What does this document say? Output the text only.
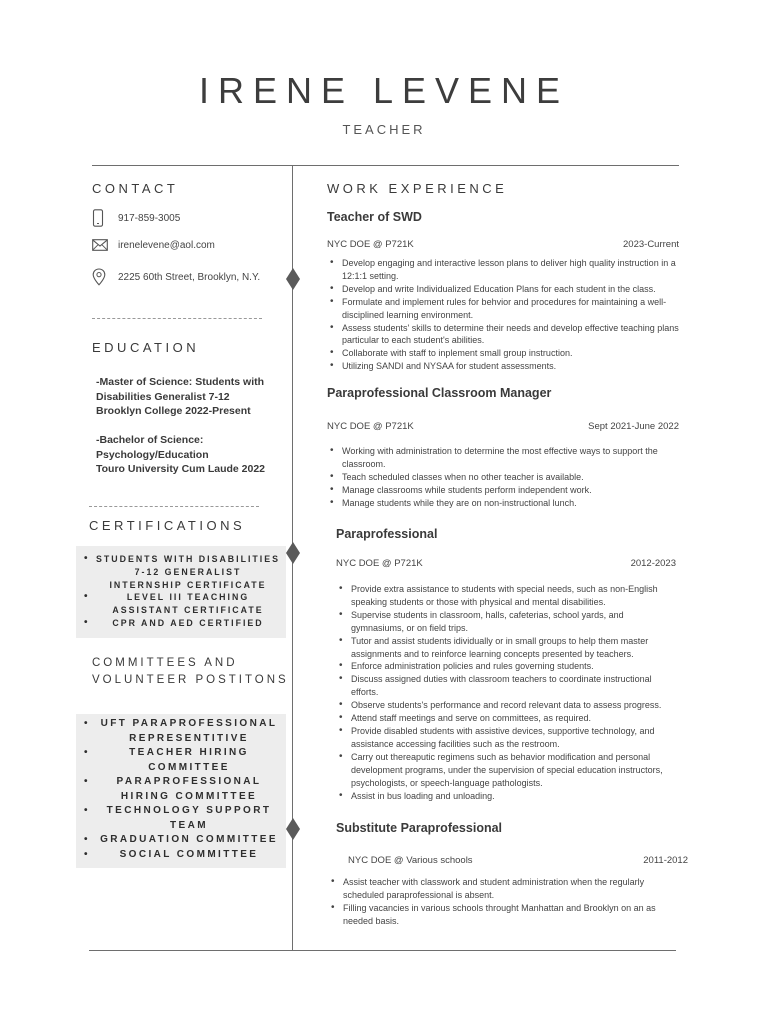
IRENE LEVENE
TEACHER
CONTACT
917-859-3005
irenelevene@aol.com
2225 60th Street, Brooklyn, N.Y.
EDUCATION
-Master of Science: Students with
Disabilities Generalist 7-12
Brooklyn College 2022-Present
-Bachelor of Science:
Psychology/Education
Touro University Cum Laude 2022
CERTIFICATIONS
• STUDENTS WITH DISABILITIES 7-12 GENERALIST INTERNSHIP CERTIFICATE
• LEVEL III TEACHING ASSISTANT CERTIFICATE
• CPR AND AED CERTIFIED
COMMITTEES AND
VOLUNTEER POSTITONS
• UFT PARAPROFESSIONAL REPRESENTITIVE
• TEACHER HIRING COMMITTEE
• PARAPROFESSIONAL HIRING COMMITTEE
• TECHNOLOGY SUPPORT TEAM
• GRADUATION COMMITTEE
• SOCIAL COMMITTEE
WORK EXPERIENCE
Teacher of SWD
NYC DOE @ P721K	2023-Current
• Develop engaging and interactive lesson plans to deliver high quality instruction in a 12:1:1 setting.
• Develop and write Individualized Education Plans for each student in the class.
• Formulate and implement rules for behvior and procedures for maintaining a well-disciplined learning environment.
• Assess students' skills to determine their needs and develop effective teaching plans particular to each student's abilities.
• Collaborate with staff to inplement small group instruction.
• Utilizing SANDI and NYSAA for student assessments.
Paraprofessional Classroom Manager
NYC DOE @ P721K	Sept 2021-June 2022
• Working with administration to determine the most effective ways to support the classroom.
• Teach scheduled classes when no other teacher is available.
• Manage classrooms while students perform independent work.
• Manage students while they are on non-instructional lunch.
Paraprofessional
NYC DOE @ P721K	2012-2023
• Provide extra assistance to students with special needs, such as non-English speaking students or those with physical and mental disabilities.
• Supervise students in classroom, halls, cafeterias, school yards, and gymnasiums, or on field trips.
• Tutor and assist students idividually or in small groups to help them master assignments and to reinforce learning concepts presented by teachers.
• Enforce administration policies and rules governing students.
• Discuss assigned duties with classroom teachers to coordinate instructional efforts.
• Observe students's performance and record relevant data to assess progress.
• Attend staff meetings and serve on committees, as required.
• Provide disabled students with assistive devices, supportive technology, and assistance accessing facilities such as the restroom.
• Carry out thereaputic regimens such as behavior modification and personal development programs, under the supervision of special education instructors, psychologists, or speech-language pathologists.
• Assist in bus loading and unloading.
Substitute Paraprofessional
NYC DOE @ Various schools	2011-2012
• Assist teacher with classwork and student administration when the regularly scheduled paraprofessional is absent.
• Filling vacancies in various schools throught Manhattan and Brooklyn on an as needed basis.
